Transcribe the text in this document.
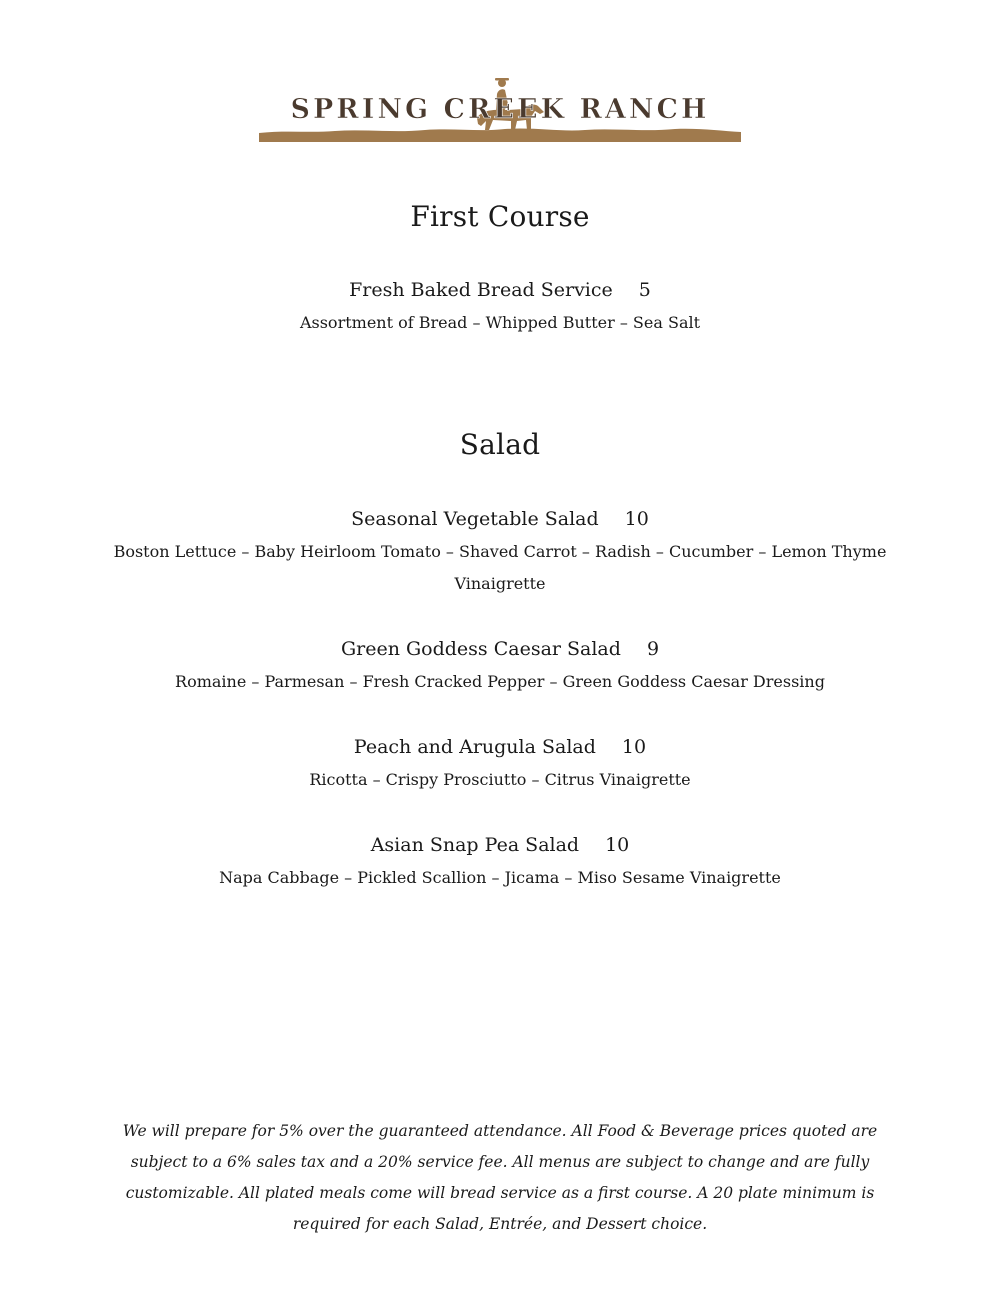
SPRING CREEK RANCH
First Course
Fresh Baked Bread Service 5
Assortment of Bread – Whipped Butter – Sea Salt
Salad
Seasonal Vegetable Salad 10
Boston Lettuce – Baby Heirloom Tomato – Shaved Carrot – Radish – Cucumber – Lemon Thyme Vinaigrette
Green Goddess Caesar Salad 9
Romaine – Parmesan – Fresh Cracked Pepper – Green Goddess Caesar Dressing
Peach and Arugula Salad 10
Ricotta – Crispy Prosciutto – Citrus Vinaigrette
Asian Snap Pea Salad 10
Napa Cabbage – Pickled Scallion – Jicama – Miso Sesame Vinaigrette
We will prepare for 5% over the guaranteed attendance. All Food & Beverage prices quoted are subject to a 6% sales tax and a 20% service fee. All menus are subject to change and are fully customizable. All plated meals come will bread service as a first course. A 20 plate minimum is required for each Salad, Entrée, and Dessert choice.
